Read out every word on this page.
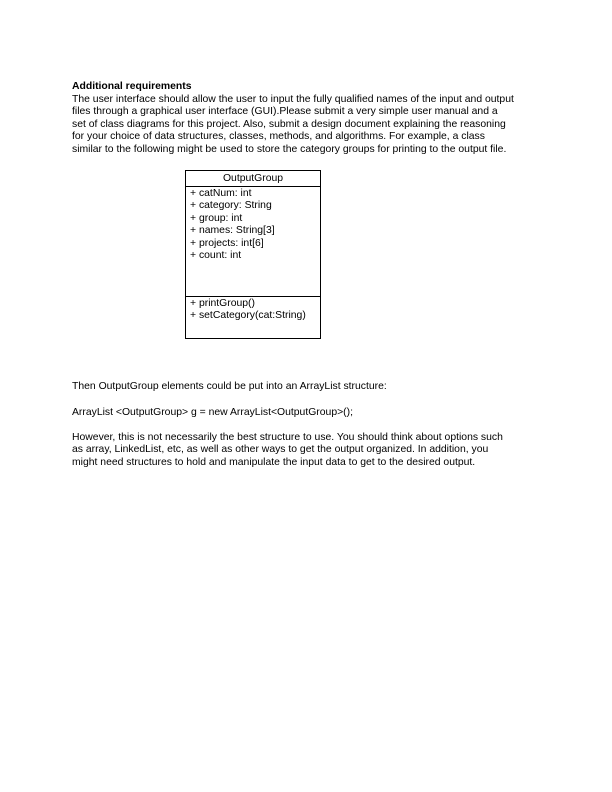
Additional requirements
The user interface should allow the user to input the fully qualified names of the input and output
files through a graphical user interface (GUI).Please submit a very simple user manual and a
set of class diagrams for this project. Also, submit a design document explaining the reasoning
for your choice of data structures, classes, methods, and algorithms. For example, a class
similar to the following might be used to store the category groups for printing to the output file.
OutputGroup
+ catNum: int
+ category: String
+ group: int
+ names: String[3]
+ projects: int[6]
+ count: int
+ printGroup()
+ setCategory(cat:String)
Then OutputGroup elements could be put into an ArrayList structure:
ArrayList <OutputGroup> g = new ArrayList<OutputGroup>();
However, this is not necessarily the best structure to use. You should think about options such
as array, LinkedList, etc, as well as other ways to get the output organized. In addition, you
might need structures to hold and manipulate the input data to get to the desired output.
